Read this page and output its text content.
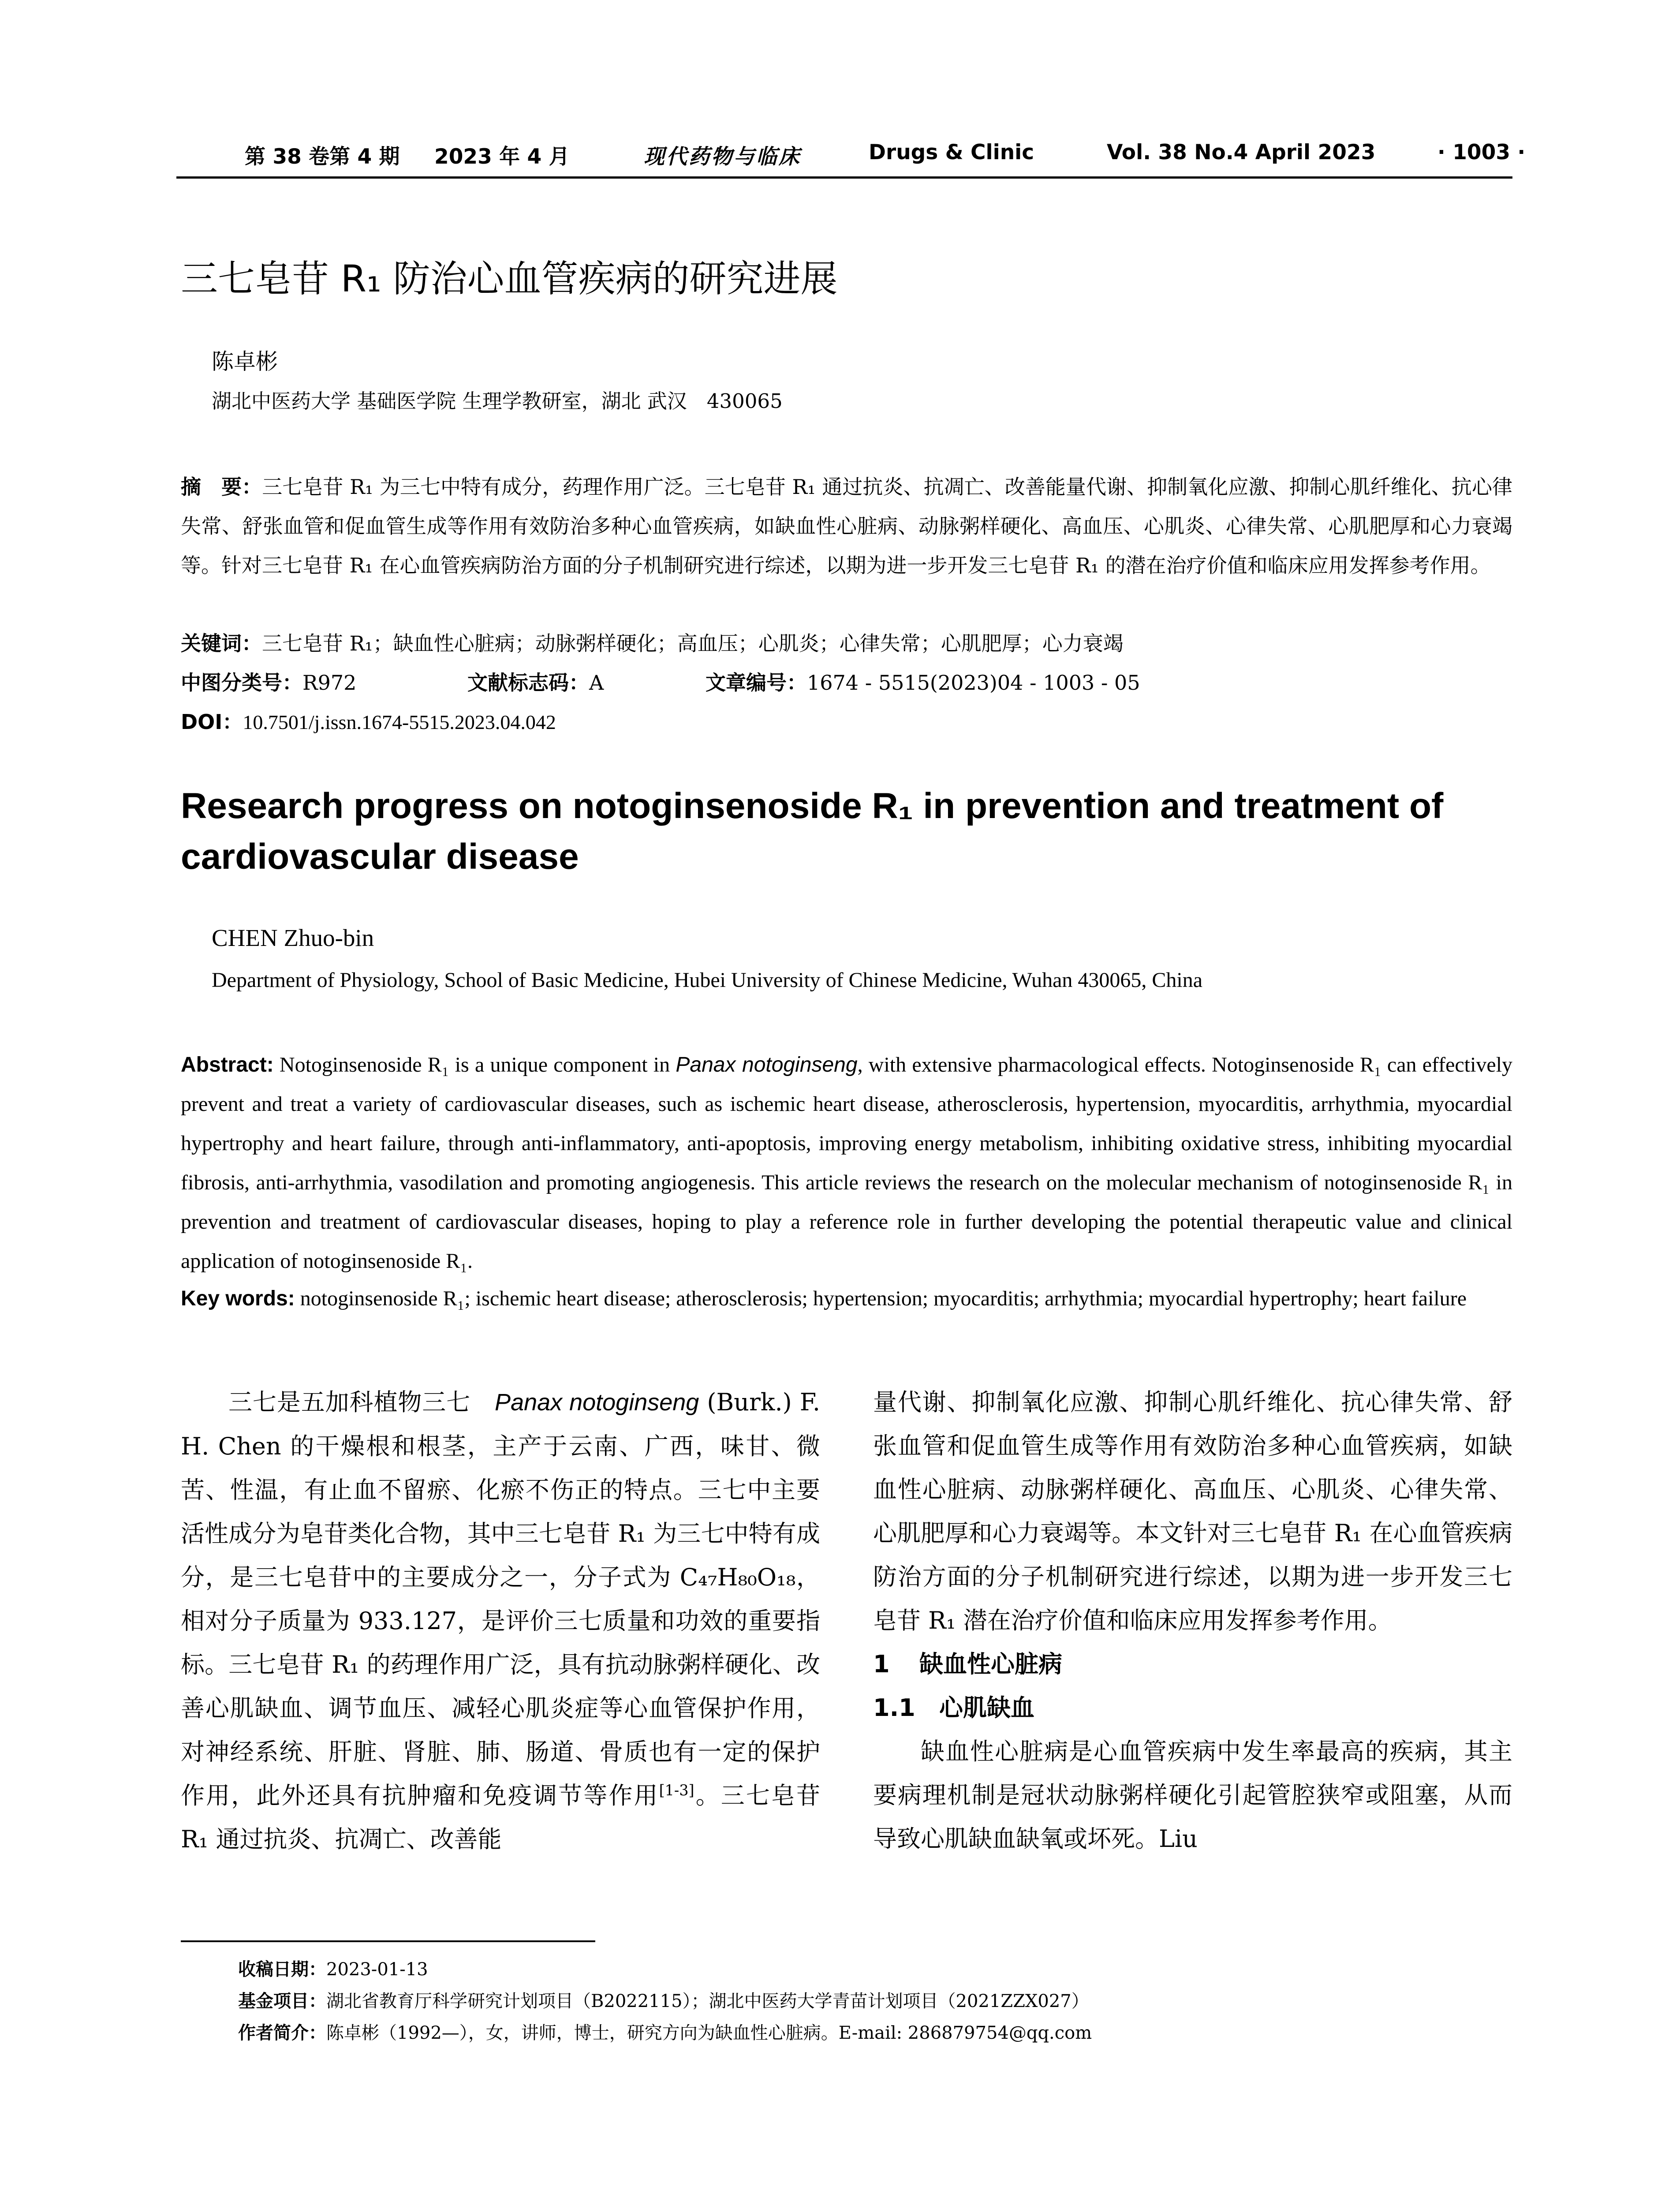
第 38 卷第 4 期 2023 年 4 月	现代药物与临床	Drugs & Clinic	Vol. 38 No.4 April 2023	· 1003 ·
三七皂苷 R₁ 防治心血管疾病的研究进展
陈卓彬
湖北中医药大学 基础医学院 生理学教研室，湖北 武汉　430065
摘　要：三七皂苷 R₁ 为三七中特有成分，药理作用广泛。三七皂苷 R₁ 通过抗炎、抗凋亡、改善能量代谢、抑制氧化应激、抑制心肌纤维化、抗心律失常、舒张血管和促血管生成等作用有效防治多种心血管疾病，如缺血性心脏病、动脉粥样硬化、高血压、心肌炎、心律失常、心肌肥厚和心力衰竭等。针对三七皂苷 R₁ 在心血管疾病防治方面的分子机制研究进行综述，以期为进一步开发三七皂苷 R₁ 的潜在治疗价值和临床应用发挥参考作用。
关键词：三七皂苷 R₁；缺血性心脏病；动脉粥样硬化；高血压；心肌炎；心律失常；心肌肥厚；心力衰竭
中图分类号：R972	文献标志码：A	文章编号：1674 - 5515(2023)04 - 1003 - 05
DOI：10.7501/j.issn.1674-5515.2023.04.042
Research progress on notoginsenoside R₁ in prevention and treatment of cardiovascular disease
CHEN Zhuo-bin
Department of Physiology, School of Basic Medicine, Hubei University of Chinese Medicine, Wuhan 430065, China
Abstract: Notoginsenoside R₁ is a unique component in Panax notoginseng, with extensive pharmacological effects. Notoginsenoside R₁ can effectively prevent and treat a variety of cardiovascular diseases, such as ischemic heart disease, atherosclerosis, hypertension, myocarditis, arrhythmia, myocardial hypertrophy and heart failure, through anti-inflammatory, anti-apoptosis, improving energy metabolism, inhibiting oxidative stress, inhibiting myocardial fibrosis, anti-arrhythmia, vasodilation and promoting angiogenesis. This article reviews the research on the molecular mechanism of notoginsenoside R₁ in prevention and treatment of cardiovascular diseases, hoping to play a reference role in further developing the potential therapeutic value and clinical application of notoginsenoside R₁.
Key words: notoginsenoside R₁; ischemic heart disease; atherosclerosis; hypertension; myocarditis; arrhythmia; myocardial hypertrophy; heart failure

三七是五加科植物三七　 Panax notoginseng (Burk.) F. H. Chen 的干燥根和根茎，主产于云南、广西，味甘、微苦、性温，有止血不留瘀、化瘀不伤正的特点。三七中主要活性成分为皂苷类化合物，其中三七皂苷 R₁ 为三七中特有成分，是三七皂苷中的主要成分之一，分子式为 C₄₇H₈₀O₁₈，相对分子质量为 933.127，是评价三七质量和功效的重要指标。三七皂苷 R₁ 的药理作用广泛，具有抗动脉粥样硬化、改善心肌缺血、调节血压、减轻心肌炎症等心血管保护作用，对神经系统、肝脏、肾脏、肺、肠道、骨质也有一定的保护作用，此外还具有抗肿瘤和免疫调节等作用[1-3]。三七皂苷 R₁ 通过抗炎、抗凋亡、改善能

量代谢、抑制氧化应激、抑制心肌纤维化、抗心律失常、舒张血管和促血管生成等作用有效防治多种心血管疾病，如缺血性心脏病、动脉粥样硬化、高血压、心肌炎、心律失常、心肌肥厚和心力衰竭等。本文针对三七皂苷 R₁ 在心血管疾病防治方面的分子机制研究进行综述，以期为进一步开发三七皂苷 R₁ 潜在治疗价值和临床应用发挥参考作用。

1 缺血性心脏病
1.1 心肌缺血

缺血性心脏病是心血管疾病中发生率最高的疾病，其主要病理机制是冠状动脉粥样硬化引起管腔狭窄或阻塞，从而导致心肌缺血缺氧或坏死。Liu

收稿日期：2023-01-13
基金项目：湖北省教育厅科学研究计划项目（B2022115）；湖北中医药大学青苗计划项目（2021ZZX027）
作者简介：陈卓彬（1992—），女，讲师，博士，研究方向为缺血性心脏病。E-mail: 286879754@qq.com
